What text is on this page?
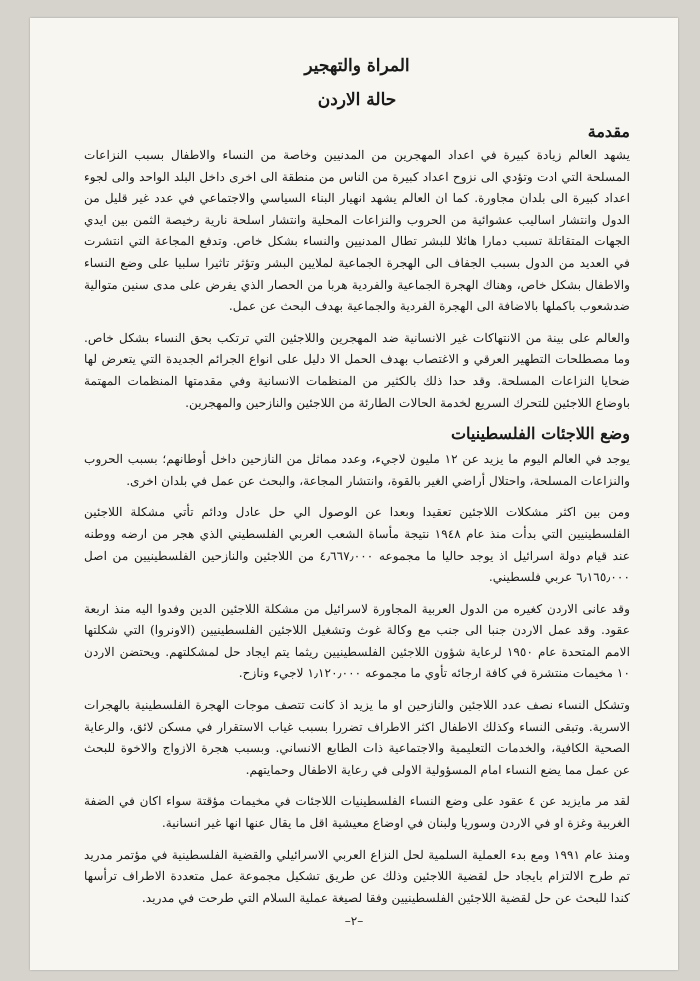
المراة والتهجير
حالة الاردن
مقدمة

يشهد العالم زيادة كبيرة في اعداد المهجرين من المدنيين وخاصة من النساء والاطفال بسبب النزاعات المسلحة التي ادت وتؤدي الى نزوح اعداد كبيرة من الناس من منطقة الى اخرى داخل البلد الواحد والى لجوء اعداد كبيرة الى بلدان مجاورة. كما ان العالم يشهد انهيار البناء السياسي والاجتماعي في عدد غير قليل من الدول وانتشار اساليب عشوائية من الحروب والنزاعات المحلية وانتشار اسلحة نارية رخيصة الثمن بين ايدي الجهات المتقاتلة تسبب دمارا هائلا للبشر تطال المدنيين والنساء بشكل خاص. وتدفع المجاعة التي انتشرت في العديد من الدول بسبب الجفاف الى الهجرة الجماعية لملايين البشر وتؤثر تاثيرا سلبيا على وضع النساء والاطفال بشكل خاص، وهناك الهجرة الجماعية والفردية هربا من الحصار الذي يفرض على مدى سنين متوالية ضدشعوب باكملها بالاضافة الى الهجرة الفردية والجماعية بهدف البحث عن عمل.

والعالم على بينة من الانتهاكات غير الانسانية ضد المهجرين واللاجئين التي ترتكب بحق النساء بشكل خاص. وما مصطلحات التطهير العرقي و الاغتصاب بهدف الحمل الا دليل على انواع الجرائم الجديدة التي يتعرض لها ضحايا النزاعات المسلحة. وقد حدا ذلك بالكثير من المنظمات الانسانية وفي مقدمتها المنظمات المهتمة باوضاع اللاجئين للتحرك السريع لخدمة الحالات الطارئة من اللاجئين والنازحين والمهجرين.

وضع اللاجئات الفلسطينيات

يوجد في العالم اليوم ما يزيد عن ١٢ مليون لاجيء، وعدد مماثل من النازحين داخل أوطانهم؛ بسبب الحروب والنزاعات المسلحة، واحتلال أراضي الغير بالقوة، وانتشار المجاعة، والبحث عن عمل في بلدان اخرى.

ومن بين اكثر مشكلات اللاجئين تعقيدا وبعدا عن الوصول الي حل عادل ودائم تأتي مشكلة اللاجئين الفلسطينيين التي بدأت منذ عام ١٩٤٨ نتيجة مأساة الشعب العربي الفلسطيني الذي هجر من ارضه ووطنه عند قيام دولة اسرائيل اذ يوجد حاليا ما مجموعه ٤٫٦٦٧٫٠٠٠ من اللاجئين والنازحين الفلسطينيين من اصل ٦٫١٦٥٫٠٠٠ عربي فلسطيني.

وقد عانى الاردن كغيره من الدول العربية المجاورة لاسرائيل من مشكلة اللاجئين الدين وفدوا اليه منذ اربعة عقود. وقد عمل الاردن جنبا الى جنب مع وكالة غوث وتشغيل اللاجئين الفلسطينيين (الاونروا) التي شكلتها الامم المتحدة عام ١٩٥٠ لرعاية شؤون اللاجئين الفلسطينيين ريثما يتم ايجاد حل لمشكلتهم. ويحتضن الاردن ١٠ مخيمات منتشرة في كافة ارجائه تأوي ما مجموعه ١٫١٢٠٫٠٠٠ لاجيء ونازح.

وتشكل النساء نصف عدد اللاجئين والنازحين او ما يزيد اذ كانت تتصف موجات الهجرة الفلسطينية بالهجرات الاسرية. وتبقى النساء وكذلك الاطفال اكثر الاطراف تضررا بسبب غياب الاستقرار في مسكن لائق، والرعاية الصحية الكافية، والخدمات التعليمية والاجتماعية ذات الطابع الانساني. وبسبب هجرة الازواج والاخوة للبحث عن عمل مما يضع النساء امام المسؤولية الاولى في رعاية الاطفال وحمايتهم.

لقد مر مايزيد عن ٤ عقود على وضع النساء الفلسطينيات اللاجئات في مخيمات مؤقتة سواء اكان في الضفة الغربية وغزة او في الاردن وسوريا ولبنان في اوضاع معيشية اقل ما يقال عنها انها غير انسانية.

ومنذ عام ١٩٩١ ومع بدء العملية السلمية لحل النزاع العربي الاسرائيلي والقضية الفلسطينية في مؤتمر مدريد تم طرح الالتزام بايجاد حل لقضية اللاجئين وذلك عن طريق تشكيل مجموعة عمل متعددة الاطراف ترأسها كندا للبحث عن حل لقضية اللاجئين الفلسطينيين وفقا لصيغة عملية السلام التي طرحت في مدريد.

–٢–
